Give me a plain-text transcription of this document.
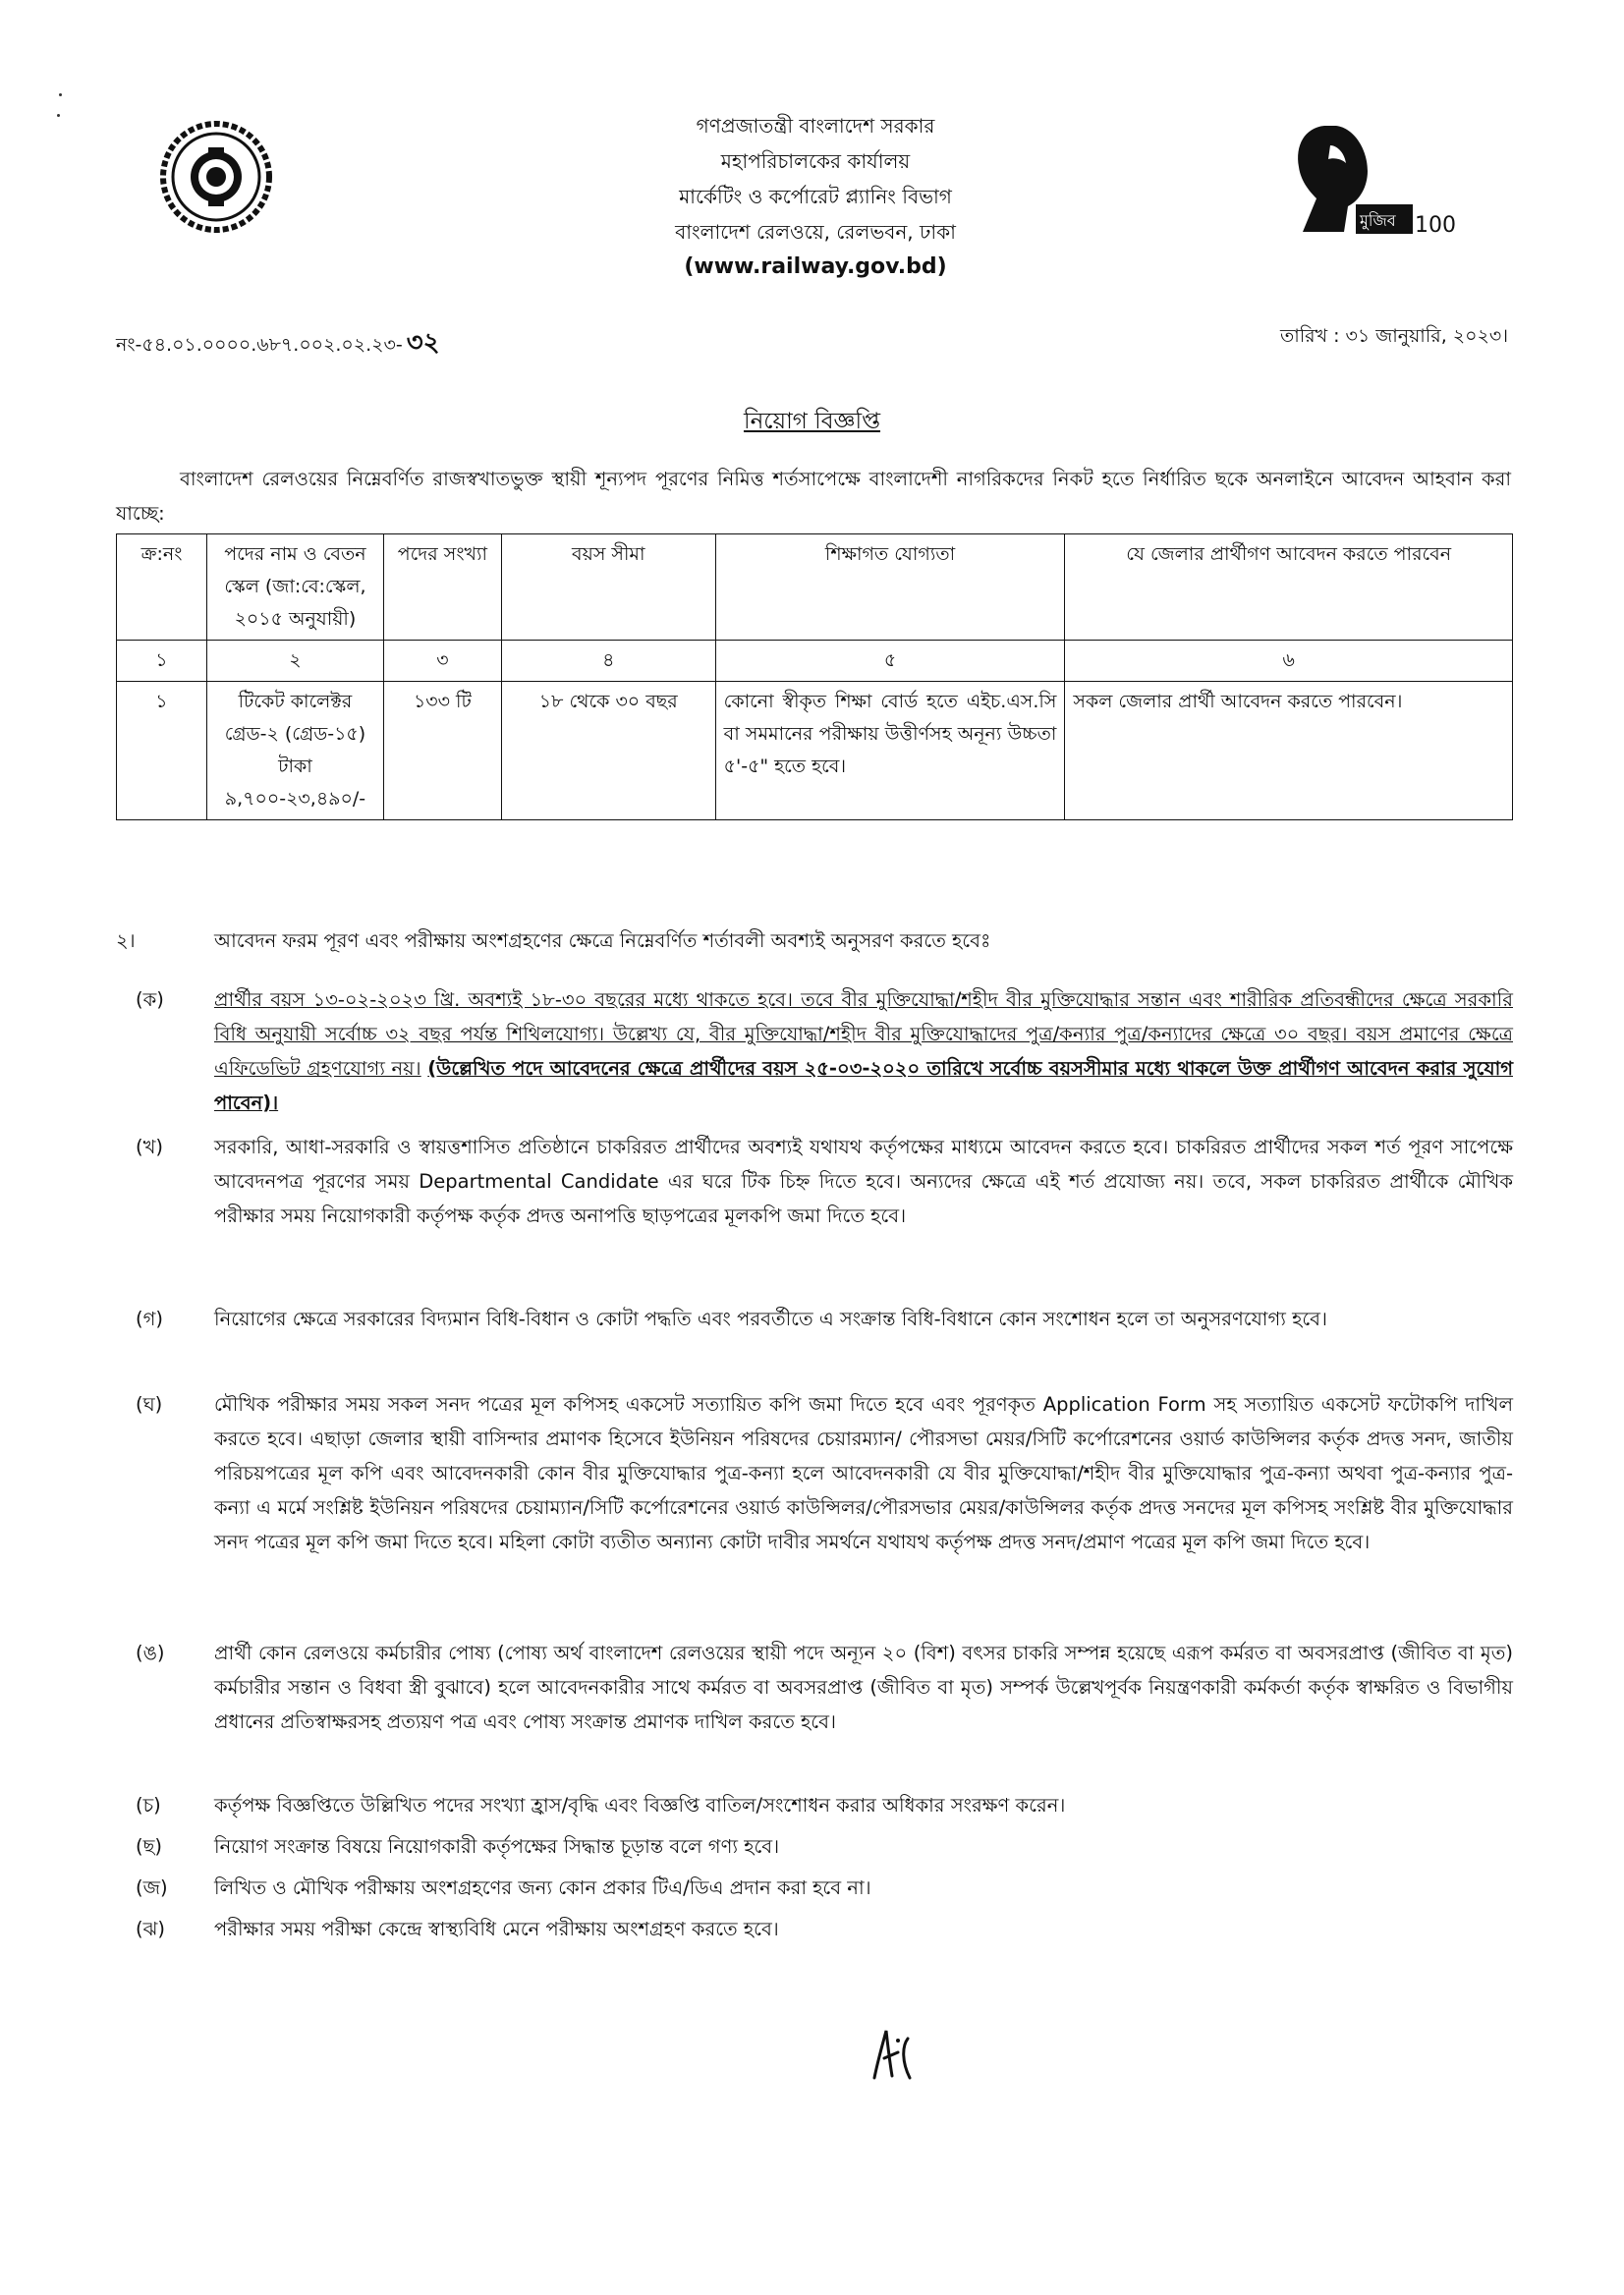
গণপ্রজাতন্ত্রী বাংলাদেশ সরকার
মহাপরিচালকের কার্যালয়
মার্কেটিং ও কর্পোরেট প্ল্যানিং বিভাগ
বাংলাদেশ রেলওয়ে, রেলভবন, ঢাকা
(www.railway.gov.bd)
মুজিব 100
নং-৫৪.০১.০০০০.৬৮৭.০০২.০২.২৩- ৩২	তারিখ : ৩১ জানুয়ারি, ২০২৩।
নিয়োগ বিজ্ঞপ্তি
বাংলাদেশ রেলওয়ের নিম্নেবর্ণিত রাজস্বখাতভুক্ত স্থায়ী শূন্যপদ পূরণের নিমিত্ত শর্তসাপেক্ষে বাংলাদেশী নাগরিকদের নিকট হতে নির্ধারিত ছকে অনলাইনে আবেদন আহবান করা যাচ্ছে:
ক্র:নং	পদের নাম ও বেতন স্কেল (জা:বে:স্কেল, ২০১৫ অনুযায়ী)	পদের সংখ্যা	বয়স সীমা	শিক্ষাগত যোগ্যতা	যে জেলার প্রার্থীগণ আবেদন করতে পারবেন
১	২	৩	৪	৫	৬
১	টিকেট কালেক্টর গ্রেড-২ (গ্রেড-১৫) টাকা ৯,৭০০-২৩,৪৯০/-	১৩৩ টি	১৮ থেকে ৩০ বছর	কোনো স্বীকৃত শিক্ষা বোর্ড হতে এইচ.এস.সি বা সমমানের পরীক্ষায় উত্তীর্ণসহ অনূন্য উচ্চতা ৫'-৫" হতে হবে।	সকল জেলার প্রার্থী আবেদন করতে পারবেন।
২।	আবেদন ফরম পূরণ এবং পরীক্ষায় অংশগ্রহণের ক্ষেত্রে নিম্নেবর্ণিত শর্তাবলী অবশ্যই অনুসরণ করতে হবেঃ
(ক)	প্রার্থীর বয়স ১৩-০২-২০২৩ খ্রি. অবশ্যই ১৮-৩০ বছরের মধ্যে থাকতে হবে। তবে বীর মুক্তিযোদ্ধা/শহীদ বীর মুক্তিযোদ্ধার সন্তান এবং শারীরিক প্রতিবন্ধীদের ক্ষেত্রে সরকারি বিধি অনুযায়ী সর্বোচ্চ ৩২ বছর পর্যন্ত শিথিলযোগ্য। উল্লেখ্য যে, বীর মুক্তিযোদ্ধা/শহীদ বীর মুক্তিযোদ্ধাদের পুত্র/কন্যার পুত্র/কন্যাদের ক্ষেত্রে ৩০ বছর। বয়স প্রমাণের ক্ষেত্রে এফিডেভিট গ্রহণযোগ্য নয়। (উল্লেখিত পদে আবেদনের ক্ষেত্রে প্রার্থীদের বয়স ২৫-০৩-২০২০ তারিখে সর্বোচ্চ বয়সসীমার মধ্যে থাকলে উক্ত প্রার্থীগণ আবেদন করার সুযোগ পাবেন)।
(খ)	সরকারি, আধা-সরকারি ও স্বায়ত্তশাসিত প্রতিষ্ঠানে চাকরিরত প্রার্থীদের অবশ্যই যথাযথ কর্তৃপক্ষের মাধ্যমে আবেদন করতে হবে। চাকরিরত প্রার্থীদের সকল শর্ত পূরণ সাপেক্ষে আবেদনপত্র পূরণের সময় Departmental Candidate এর ঘরে টিক চিহ্ন দিতে হবে। অন্যদের ক্ষেত্রে এই শর্ত প্রযোজ্য নয়। তবে, সকল চাকরিরত প্রার্থীকে মৌখিক পরীক্ষার সময় নিয়োগকারী কর্তৃপক্ষ কর্তৃক প্রদত্ত অনাপত্তি ছাড়পত্রের মূলকপি জমা দিতে হবে।
(গ)	নিয়োগের ক্ষেত্রে সরকারের বিদ্যমান বিধি-বিধান ও কোটা পদ্ধতি এবং পরবর্তীতে এ সংক্রান্ত বিধি-বিধানে কোন সংশোধন হলে তা অনুসরণযোগ্য হবে।
(ঘ)	মৌখিক পরীক্ষার সময় সকল সনদ পত্রের মূল কপিসহ একসেট সত্যায়িত কপি জমা দিতে হবে এবং পূরণকৃত Application Form সহ সত্যায়িত একসেট ফটোকপি দাখিল করতে হবে। এছাড়া জেলার স্থায়ী বাসিন্দার প্রমাণক হিসেবে ইউনিয়ন পরিষদের চেয়ারম্যান/ পৌরসভা মেয়র/সিটি কর্পোরেশনের ওয়ার্ড কাউন্সিলর কর্তৃক প্রদত্ত সনদ, জাতীয় পরিচয়পত্রের মূল কপি এবং আবেদনকারী কোন বীর মুক্তিযোদ্ধার পুত্র-কন্যা হলে আবেদনকারী যে বীর মুক্তিযোদ্ধা/শহীদ বীর মুক্তিযোদ্ধার পুত্র-কন্যা অথবা পুত্র-কন্যার পুত্র-কন্যা এ মর্মে সংশ্লিষ্ট ইউনিয়ন পরিষদের চেয়াম্যান/সিটি কর্পোরেশনের ওয়ার্ড কাউন্সিলর/পৌরসভার মেয়র/কাউন্সিলর কর্তৃক প্রদত্ত সনদের মূল কপিসহ সংশ্লিষ্ট বীর মুক্তিযোদ্ধার সনদ পত্রের মূল কপি জমা দিতে হবে। মহিলা কোটা ব্যতীত অন্যান্য কোটা দাবীর সমর্থনে যথাযথ কর্তৃপক্ষ প্রদত্ত সনদ/প্রমাণ পত্রের মূল কপি জমা দিতে হবে।
(ঙ)	প্রার্থী কোন রেলওয়ে কর্মচারীর পোষ্য (পোষ্য অর্থ বাংলাদেশ রেলওয়ের স্থায়ী পদে অন্যূন ২০ (বিশ) বৎসর চাকরি সম্পন্ন হয়েছে এরূপ কর্মরত বা অবসরপ্রাপ্ত (জীবিত বা মৃত) কর্মচারীর সন্তান ও বিধবা স্ত্রী বুঝাবে) হলে আবেদনকারীর সাথে কর্মরত বা অবসরপ্রাপ্ত (জীবিত বা মৃত) সম্পর্ক উল্লেখপূর্বক নিয়ন্ত্রণকারী কর্মকর্তা কর্তৃক স্বাক্ষরিত ও বিভাগীয় প্রধানের প্রতিস্বাক্ষরসহ প্রত্যয়ণ পত্র এবং পোষ্য সংক্রান্ত প্রমাণক দাখিল করতে হবে।
(চ)	কর্তৃপক্ষ বিজ্ঞপ্তিতে উল্লিখিত পদের সংখ্যা হ্রাস/বৃদ্ধি এবং বিজ্ঞপ্তি বাতিল/সংশোধন করার অধিকার সংরক্ষণ করেন।
(ছ)	নিয়োগ সংক্রান্ত বিষয়ে নিয়োগকারী কর্তৃপক্ষের সিদ্ধান্ত চূড়ান্ত বলে গণ্য হবে।
(জ)	লিখিত ও মৌখিক পরীক্ষায় অংশগ্রহণের জন্য কোন প্রকার টিএ/ডিএ প্রদান করা হবে না।
(ঝ)	পরীক্ষার সময় পরীক্ষা কেন্দ্রে স্বাস্থ্যবিধি মেনে পরীক্ষায় অংশগ্রহণ করতে হবে।
